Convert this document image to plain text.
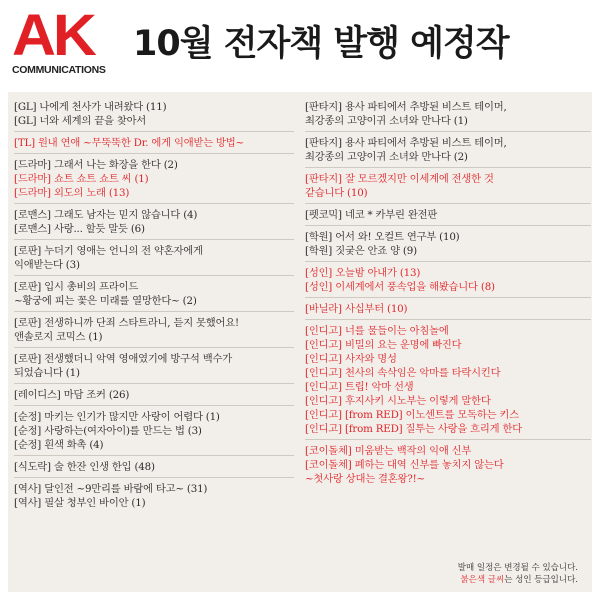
AK
COMMUNICATIONS
10월 전자책 발행 예정작
[GL] 나에게 천사가 내려왔다 (11)
[GL] 너와 세계의 끝을 찾아서
[TL] 원내 연애 ~무뚝뚝한 Dr. 에게 익애받는 방법~
[드라마] 그래서 나는 화장을 한다 (2)
[드라마] 쇼트 쇼트 쇼트 씨 (1)
[드라마] 외도의 노래 (13)
[로맨스] 그래도 남자는 믿지 않습니다 (4)
[로맨스] 사랑... 할듯 말듯 (6)
[로판] 누더기 영애는 언니의 전 약혼자에게
익애받는다 (3)
[로판] 입시 총비의 프라이드
~황궁에 피는 꽃은 미래를 열망한다~ (2)
[로판] 전생하니까 단죄 스타트라니, 듣지 못했어요!
앤솔로지 코믹스 (1)
[로판] 전생했더니 악역 영애였기에 방구석 백수가
되었습니다 (1)
[레이디스] 마담 조커 (26)
[순정] 마키는 인기가 많지만 사랑이 어렵다 (1)
[순정] 사랑하는(여자아이)를 만드는 법 (3)
[순정] 흰색 화촉 (4)
[식도락] 술 한잔 인생 한입 (48)
[역사] 달인전 ~9만리를 바람에 타고~ (31)
[역사] 필살 청부인 바이안 (1)
[판타지] 용사 파티에서 추방된 비스트 테이머,
최강종의 고양이귀 소녀와 만나다 (1)
[판타지] 용사 파티에서 추방된 비스트 테이머,
최강종의 고양이귀 소녀와 만나다 (2)
[판타지] 잘 모르겠지만 이세계에 전생한 것
같습니다 (10)
[펫코믹] 네코 * 카부린 완전판
[학원] 어서 와! 오컬트 연구부 (10)
[학원] 짓궂은 안죠 양 (9)
[성인] 오늘밤 아내가 (13)
[성인] 이세계에서 풍속업을 해봤습니다 (8)
[바닐라] 사십부터 (10)
[인디고] 너를 물들이는 아침놀에
[인디고] 비밀의 요는 운명에 빠진다
[인디고] 사자와 명성
[인디고] 천사의 속삭임은 악마를 타락시킨다
[인디고] 트립! 악마 선생
[인디고] 후지사키 시노부는 이렇게 말한다
[인디고] [from RED] 이노센트를 모독하는 키스
[인디고] [from RED] 질투는 사랑을 흐리게 한다
[코이돌체] 미움받는 백작의 익애 신부
[코이돌체] 폐하는 대역 신부를 놓치지 않는다
~첫사랑 상대는 결혼왕?!~
발매 일정은 변경될 수 있습니다.
붉은색 글씨는 성인 등급입니다.
